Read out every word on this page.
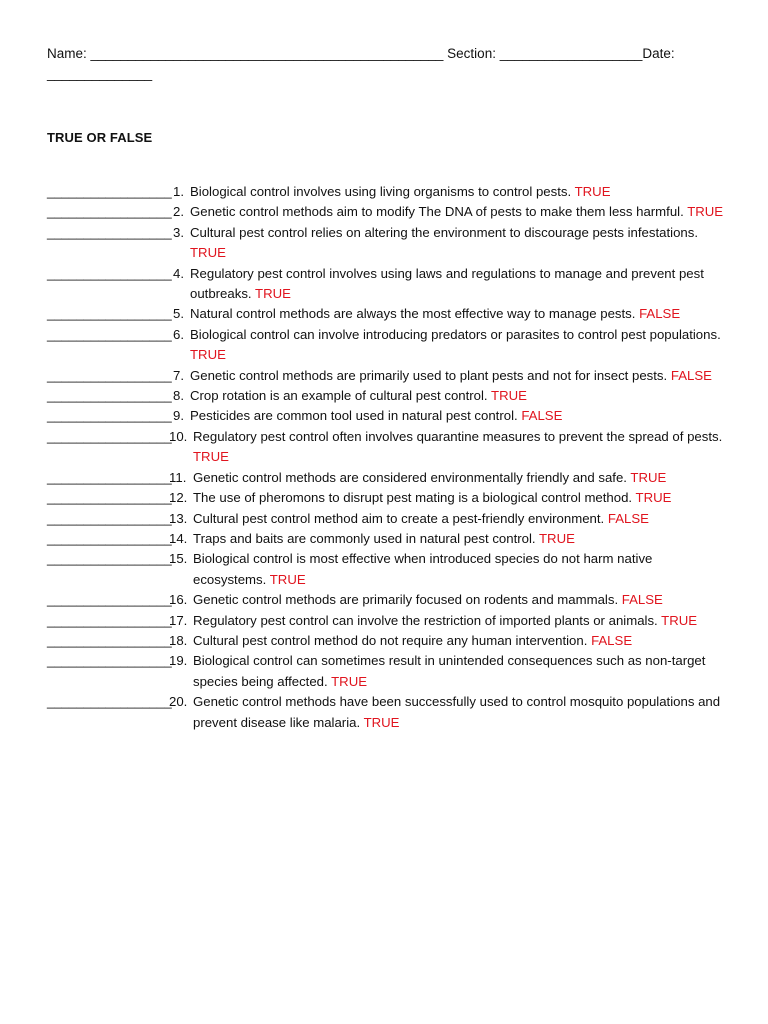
Name: _______________________________________________ Section: ___________________Date:
______________
TRUE OR FALSE
_________________ 1. Biological control involves using living organisms to control pests. TRUE
_________________ 2. Genetic control methods aim to modify The DNA of pests to make them less harmful. TRUE
_________________ 3. Cultural pest control relies on altering the environment to discourage pests infestations. TRUE
_________________ 4. Regulatory pest control involves using laws and regulations to manage and prevent pest outbreaks. TRUE
_________________ 5. Natural control methods are always the most effective way to manage pests. FALSE
_________________ 6. Biological control can involve introducing predators or parasites to control pest populations. TRUE
_________________ 7. Genetic control methods are primarily used to plant pests and not for insect pests. FALSE
_________________ 8. Crop rotation is an example of cultural pest control. TRUE
_________________ 9. Pesticides are common tool used in natural pest control. FALSE
_________________
10. Regulatory pest control often involves quarantine measures to prevent the spread of pests. TRUE
_________________
11. Genetic control methods are considered environmentally friendly and safe. TRUE
_________________
12. The use of pheromons to disrupt pest mating is a biological control method. TRUE
_________________
13. Cultural pest control method aim to create a pest-friendly environment. FALSE
_________________
14. Traps and baits are commonly used in natural pest control. TRUE
_________________
15. Biological control is most effective when introduced species do not harm native ecosystems. TRUE
_________________
16. Genetic control methods are primarily focused on rodents and mammals. FALSE
_________________
17. Regulatory pest control can involve the restriction of imported plants or animals. TRUE
_________________
18. Cultural pest control method do not require any human intervention. FALSE
_________________
19. Biological control can sometimes result in unintended consequences such as non-target species being affected. TRUE
_________________
20. Genetic control methods have been successfully used to control mosquito populations and prevent disease like malaria. TRUE
